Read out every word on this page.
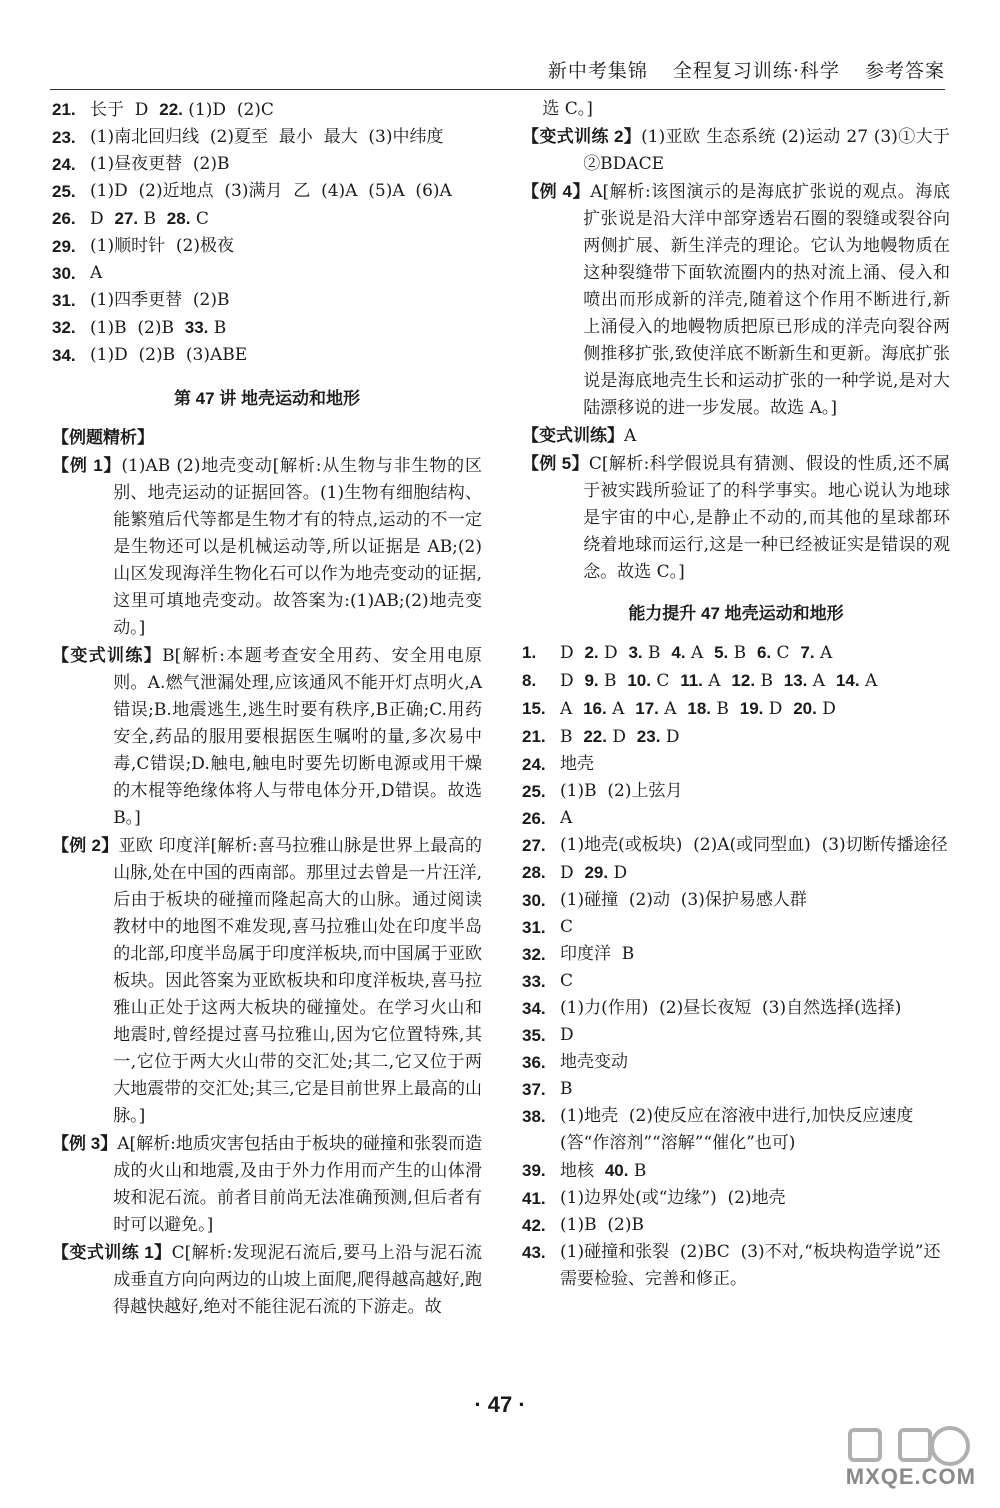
新中考集锦 全程复习训练·科学 参考答案
21. 长于  D  22. (1)D  (2)C
23. (1)南北回归线  (2)夏至  最小  最大  (3)中纬度
24. (1)昼夜更替  (2)B
25. (1)D  (2)近地点  (3)满月  乙  (4)A  (5)A  (6)A
26. D  27. B  28. C
29. (1)顺时针  (2)极夜
30. A
31. (1)四季更替  (2)B
32. (1)B  (2)B  33. B
34. (1)D  (2)B  (3)ABE
第 47 讲 地壳运动和地形
【例题精析】
【例 1】(1)AB (2)地壳变动[解析:从生物与非生物的区别、地壳运动的证据回答。(1)生物有细胞结构、能繁殖后代等都是生物才有的特点,运动的不一定是生物还可以是机械运动等,所以证据是 AB;(2)山区发现海洋生物化石可以作为地壳变动的证据,这里可填地壳变动。故答案为:(1)AB;(2)地壳变动。]
【变式训练】B[解析:本题考查安全用药、安全用电原则。A.燃气泄漏处理,应该通风不能开灯点明火,A错误;B.地震逃生,逃生时要有秩序,B正确;C.用药安全,药品的服用要根据医生嘱咐的量,多次易中毒,C错误;D.触电,触电时要先切断电源或用干燥的木棍等绝缘体将人与带电体分开,D错误。故选 B。]
【例 2】亚欧 印度洋[解析:喜马拉雅山脉是世界上最高的山脉,处在中国的西南部。那里过去曾是一片汪洋,后由于板块的碰撞而隆起高大的山脉。通过阅读教材中的地图不难发现,喜马拉雅山处在印度半岛的北部,印度半岛属于印度洋板块,而中国属于亚欧板块。因此答案为亚欧板块和印度洋板块,喜马拉雅山正处于这两大板块的碰撞处。在学习火山和地震时,曾经提过喜马拉雅山,因为它位置特殊,其一,它位于两大火山带的交汇处;其二,它又位于两大地震带的交汇处;其三,它是目前世界上最高的山脉。]
【例 3】A[解析:地质灾害包括由于板块的碰撞和张裂而造成的火山和地震,及由于外力作用而产生的山体滑坡和泥石流。前者目前尚无法准确预测,但后者有时可以避免。]
【变式训练 1】C[解析:发现泥石流后,要马上沿与泥石流成垂直方向向两边的山坡上面爬,爬得越高越好,跑得越快越好,绝对不能往泥石流的下游走。故
选 C。]
【变式训练 2】(1)亚欧 生态系统 (2)运动 27 (3)①大于 ②BDACE
【例 4】A[解析:该图演示的是海底扩张说的观点。海底扩张说是沿大洋中部穿透岩石圈的裂缝或裂谷向两侧扩展、新生洋壳的理论。它认为地幔物质在这种裂缝带下面软流圈内的热对流上涌、侵入和喷出而形成新的洋壳,随着这个作用不断进行,新上涌侵入的地幔物质把原已形成的洋壳向裂谷两侧推移扩张,致使洋底不断新生和更新。海底扩张说是海底地壳生长和运动扩张的一种学说,是对大陆漂移说的进一步发展。故选 A。]
【变式训练】A
【例 5】C[解析:科学假说具有猜测、假设的性质,还不属于被实践所验证了的科学事实。地心说认为地球是宇宙的中心,是静止不动的,而其他的星球都环绕着地球而运行,这是一种已经被证实是错误的观念。故选 C。]
能力提升 47 地壳运动和地形
1.	D  2. D  3. B  4. A  5. B  6. C  7. A
8.	D  9. B  10. C  11. A  12. B  13. A  14. A
15. A  16. A  17. A  18. B  19. D  20. D
21. B  22. D  23. D
24. 地壳
25. (1)B  (2)上弦月
26. A
27. (1)地壳(或板块)  (2)A(或同型血)  (3)切断传播途径
28. D  29. D
30. (1)碰撞  (2)动  (3)保护易感人群
31. C
32. 印度洋  B
33. C
34. (1)力(作用)  (2)昼长夜短  (3)自然选择(选择)
35. D
36. 地壳变动
37. B
38. (1)地壳  (2)使反应在溶液中进行,加快反应速度(答“作溶剂”“溶解”“催化”也可)
39. 地核  40. B
41. (1)边界处(或“边缘”)  (2)地壳
42. (1)B  (2)B
43. (1)碰撞和张裂  (2)BC  (3)不对,“板块构造学说”还需要检验、完善和修正。
· 47 ·
MXQE.COM
